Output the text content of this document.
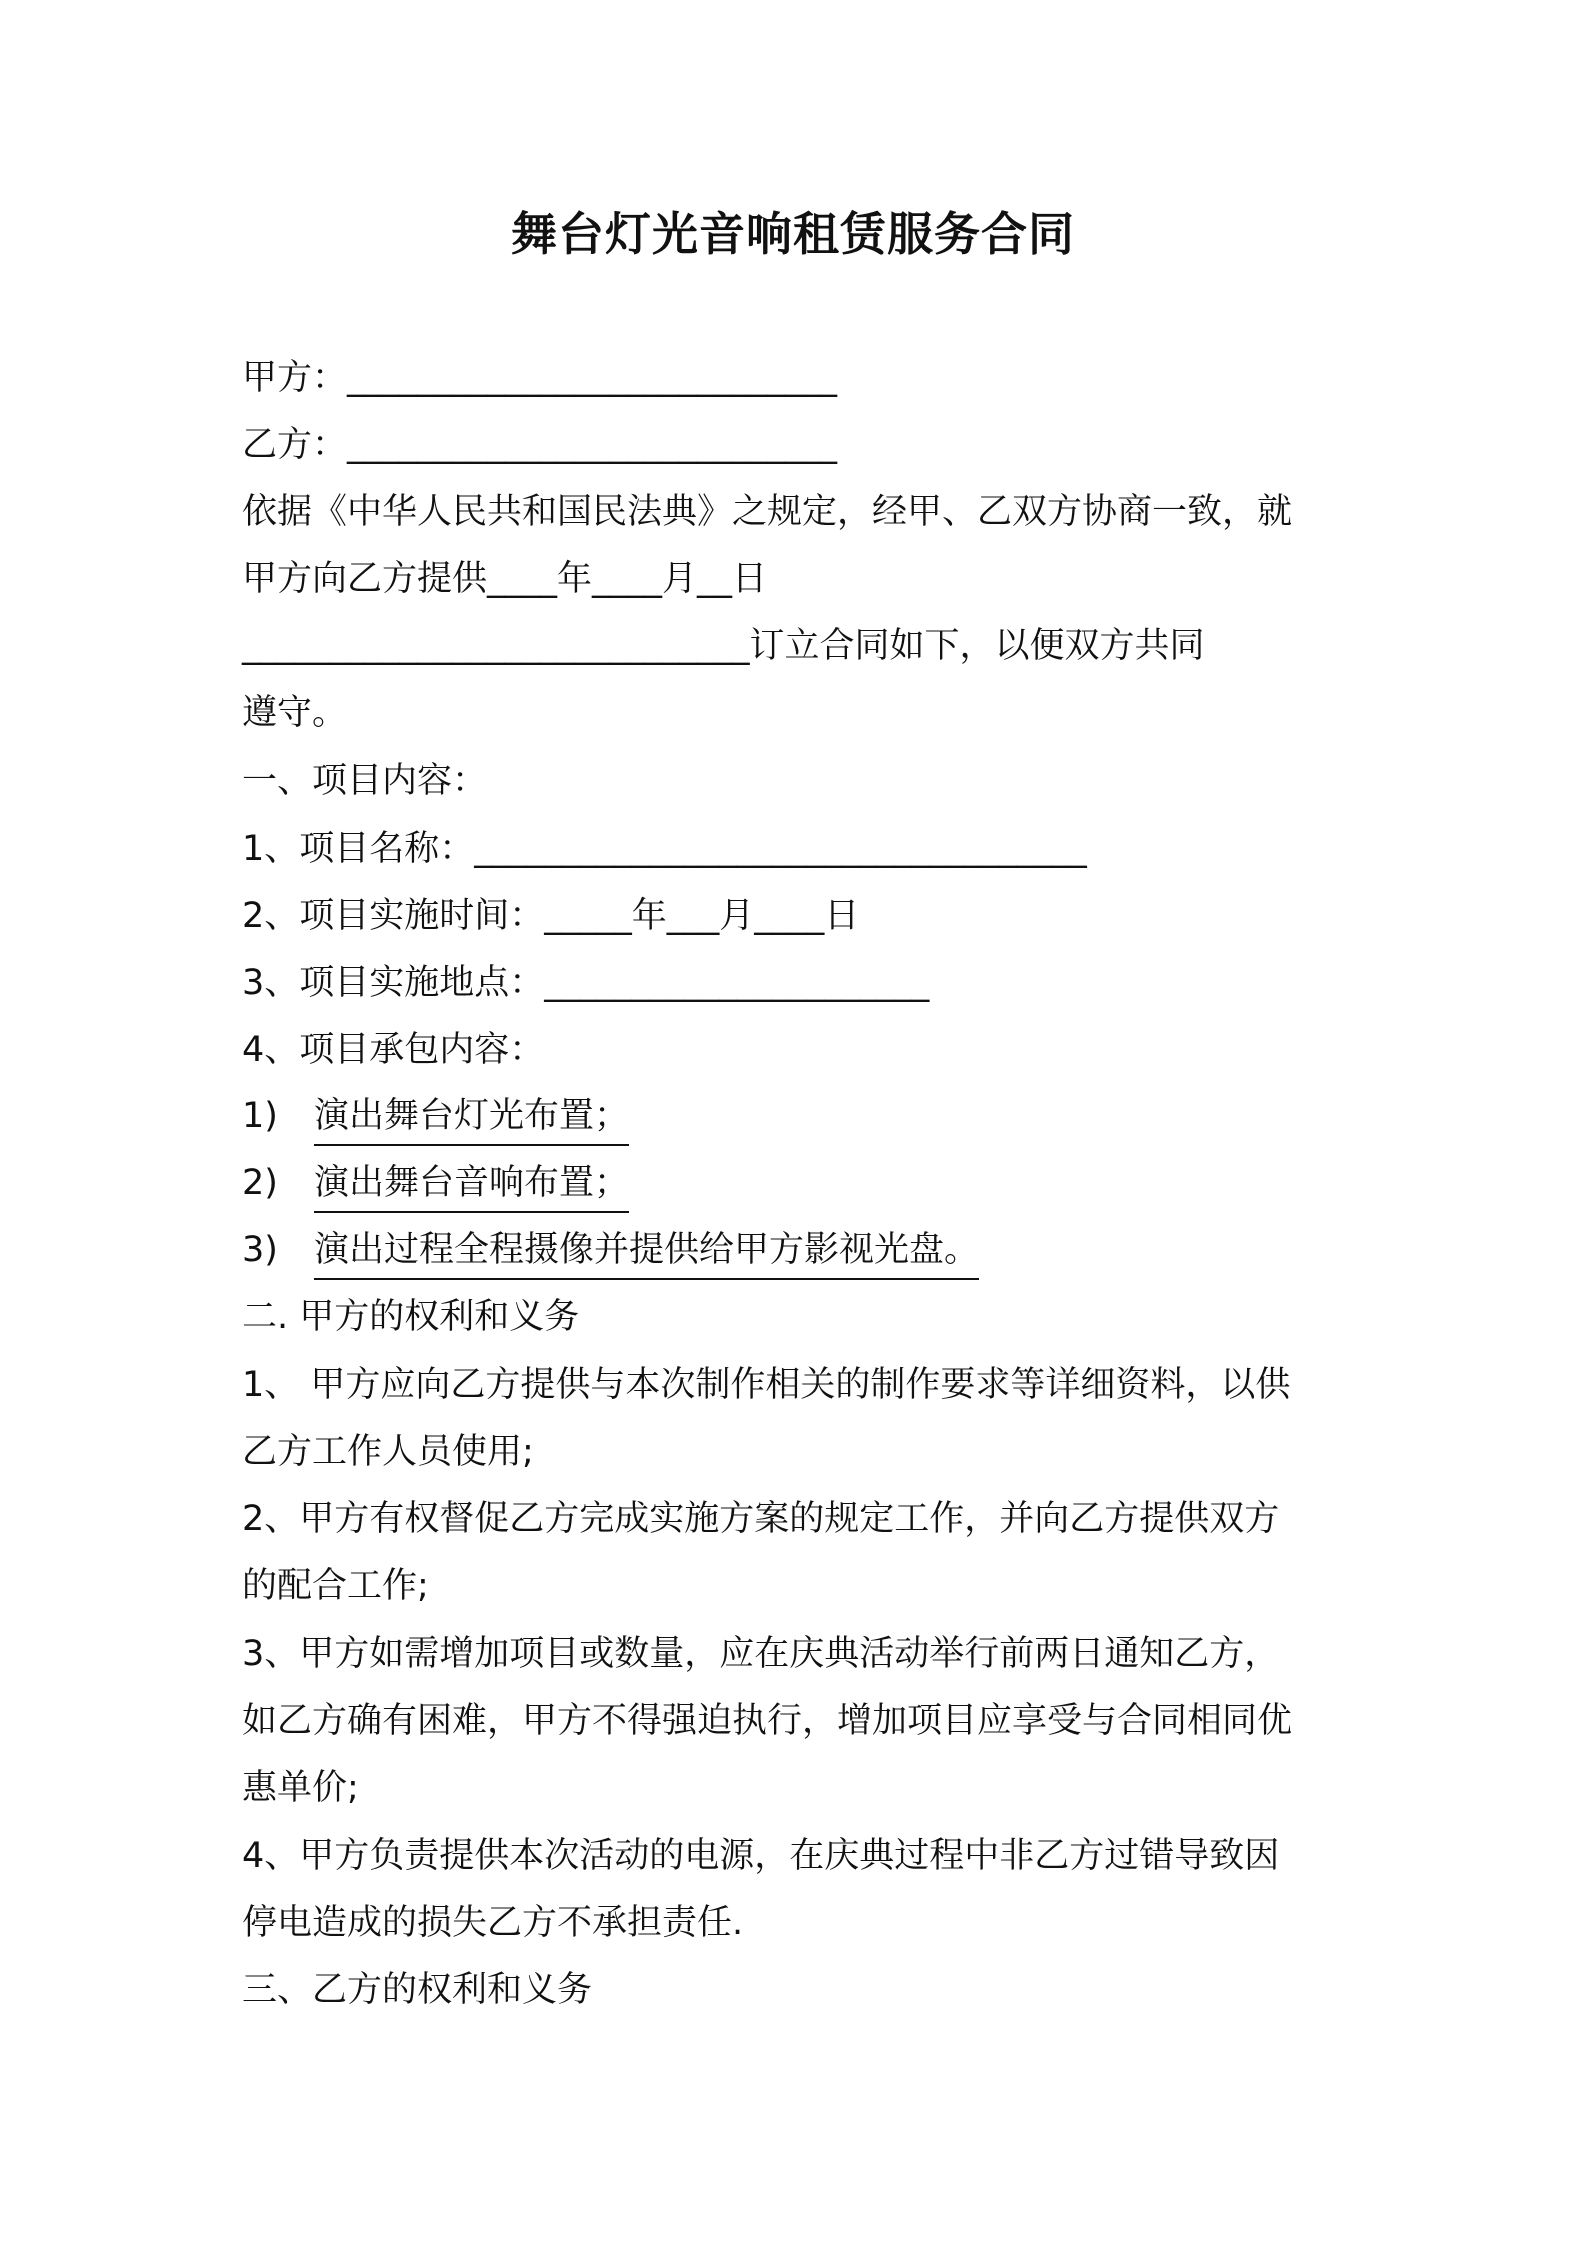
舞台灯光音响租赁服务合同
甲方：____________________________
乙方：____________________________
依据《中华人民共和国民法典》之规定，经甲、乙双方协商一致，就
甲方向乙方提供____年____月__日
_____________________________订立合同如下，以便双方共同
遵守。
一、项目内容：
1、项目名称：___________________________________
2、项目实施时间：_____年___月____日
3、项目实施地点：______________________
4、项目承包内容：
1) 演出舞台灯光布置；
2) 演出舞台音响布置；
3) 演出过程全程摄像并提供给甲方影视光盘。
二. 甲方的权利和义务
1、 甲方应向乙方提供与本次制作相关的制作要求等详细资料，以供
乙方工作人员使用;
2、甲方有权督促乙方完成实施方案的规定工作，并向乙方提供双方
的配合工作;
3、甲方如需增加项目或数量，应在庆典活动举行前两日通知乙方，
如乙方确有困难，甲方不得强迫执行，增加项目应享受与合同相同优
惠单价;
4、甲方负责提供本次活动的电源，在庆典过程中非乙方过错导致因
停电造成的损失乙方不承担责任.
三、乙方的权利和义务
